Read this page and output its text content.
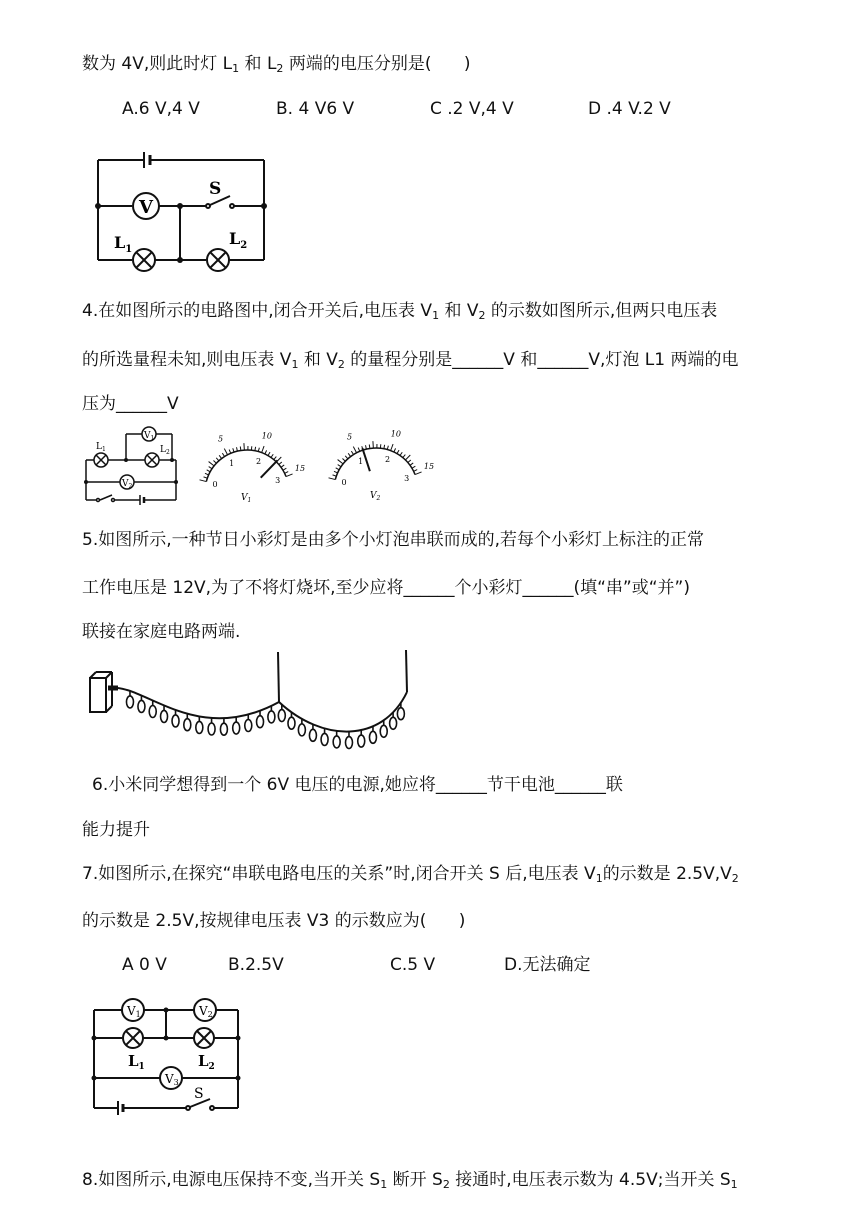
数为 4V,则此时灯 $L_1$ 和 $L_2$ 两端的电压分别是(      )
A.6 V,4 V	B. 4 V6 V	C .2 V,4 V	D .4 V.2 V
V
S
$L_1$
$L_2$
4.在如图所示的电路图中,闭合开关后,电压表 $V_1$ 和 $V_2$ 的示数如图所示,但两只电压表
的所选量程未知,则电压表 $V_1$ 和 $V_2$ 的量程分别是______V 和______V,灯泡 L1 两端的电
压为______V
$V_1$
$V_2$
$L_1$	$L_2$
5	10
15
0
1	2
3
$V_1$
5	10
15
0
1	2
3
$V_2$
5.如图所示,一种节日小彩灯是由多个小灯泡串联而成的,若每个小彩灯上标注的正常
工作电压是 12V,为了不将灯烧坏,至少应将______个小彩灯______(填“串”或“并”)
联接在家庭电路两端.
6.小米同学想得到一个 6V 电压的电源,她应将______节干电池______联
能力提升
7.如图所示,在探究“串联电路电压的关系”时,闭合开关 S 后,电压表 $V_1$的示数是 $2.5V,V_2$
的示数是 2.5V,按规律电压表 V3 的示数应为(      )
A 0 V	B.2.5V	C.5 V	D.无法确定
V1	V2
V3
$L_1$	$L_2$
S
8.如图所示,电源电压保持不变,当开关 $S_1$ 断开 $S_2$ 接通时,电压表示数为 4.5V;当开关 $S_1$
